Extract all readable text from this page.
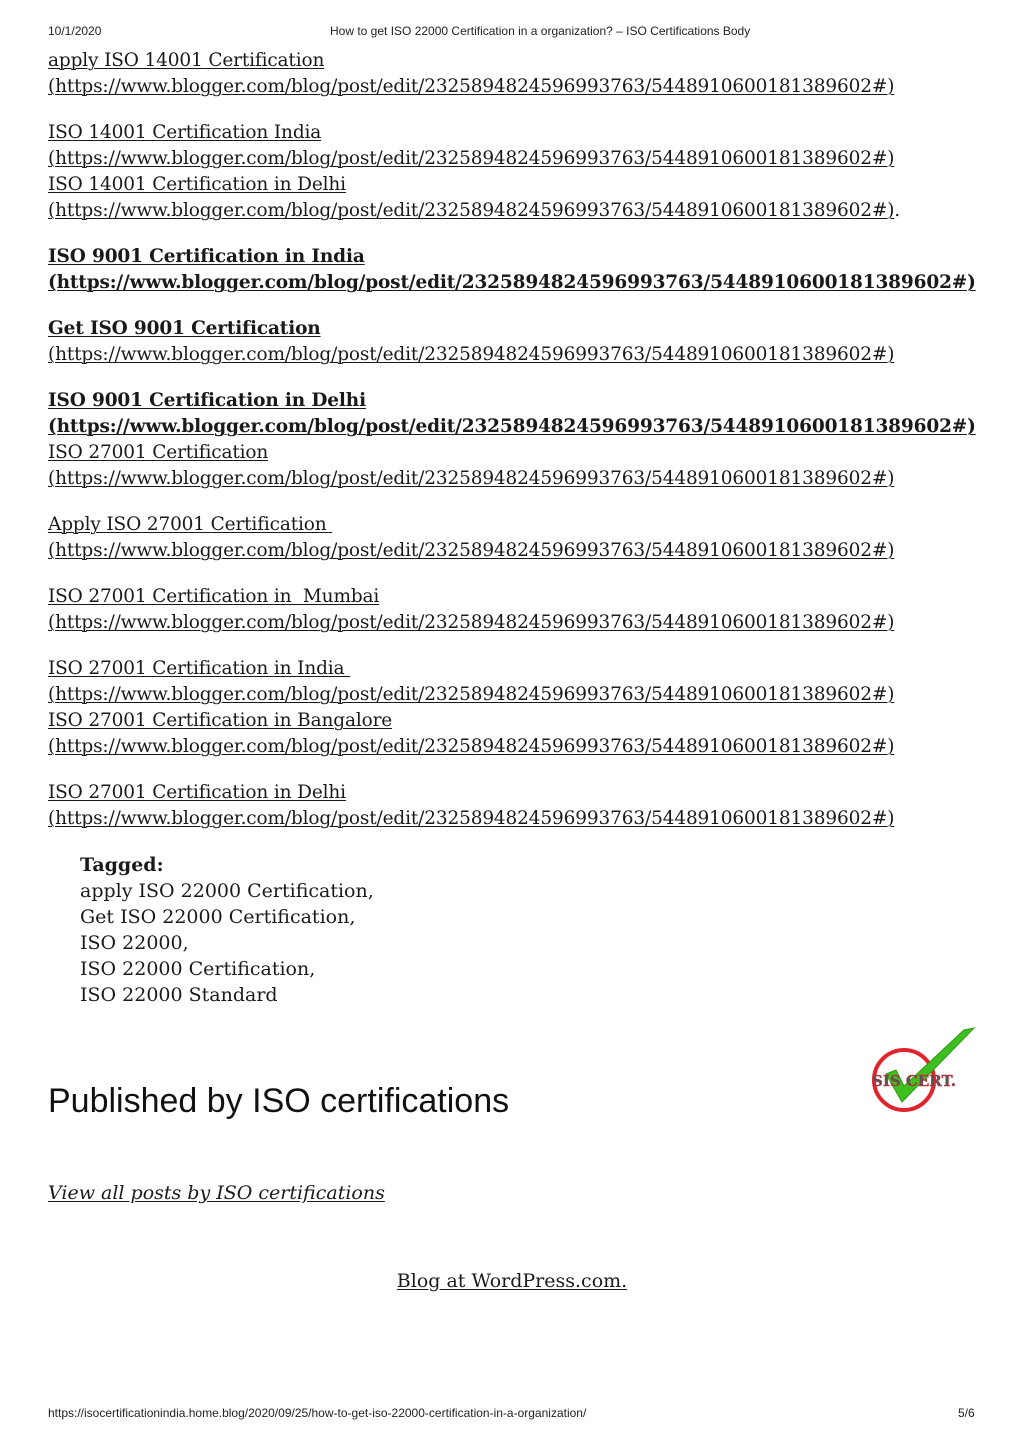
10/1/2020	How to get ISO 22000 Certification in a organization? – ISO Certifications Body
apply ISO 14001 Certification
(https://www.blogger.com/blog/post/edit/2325894824596993763/5448910600181389602#)
ISO 14001 Certification India
(https://www.blogger.com/blog/post/edit/2325894824596993763/5448910600181389602#)
ISO 14001 Certification in Delhi
(https://www.blogger.com/blog/post/edit/2325894824596993763/5448910600181389602#).
ISO 9001 Certification in India
(https://www.blogger.com/blog/post/edit/2325894824596993763/5448910600181389602#)
Get ISO 9001 Certification
(https://www.blogger.com/blog/post/edit/2325894824596993763/5448910600181389602#)
ISO 9001 Certification in Delhi
(https://www.blogger.com/blog/post/edit/2325894824596993763/5448910600181389602#)
ISO 27001 Certification
(https://www.blogger.com/blog/post/edit/2325894824596993763/5448910600181389602#)
Apply ISO 27001 Certification
(https://www.blogger.com/blog/post/edit/2325894824596993763/5448910600181389602#)
ISO 27001 Certification in  Mumbai
(https://www.blogger.com/blog/post/edit/2325894824596993763/5448910600181389602#)
ISO 27001 Certification in India
(https://www.blogger.com/blog/post/edit/2325894824596993763/5448910600181389602#)
ISO 27001 Certification in Bangalore
(https://www.blogger.com/blog/post/edit/2325894824596993763/5448910600181389602#)
ISO 27001 Certification in Delhi
(https://www.blogger.com/blog/post/edit/2325894824596993763/5448910600181389602#)
Tagged:
apply ISO 22000 Certification,
Get ISO 22000 Certification,
ISO 22000,
ISO 22000 Certification,
ISO 22000 Standard
Published by ISO certifications
SIS CERT.
View all posts by ISO certifications
Blog at WordPress.com.
https://isocertificationindia.home.blog/2020/09/25/how-to-get-iso-22000-certification-in-a-organization/	5/6
